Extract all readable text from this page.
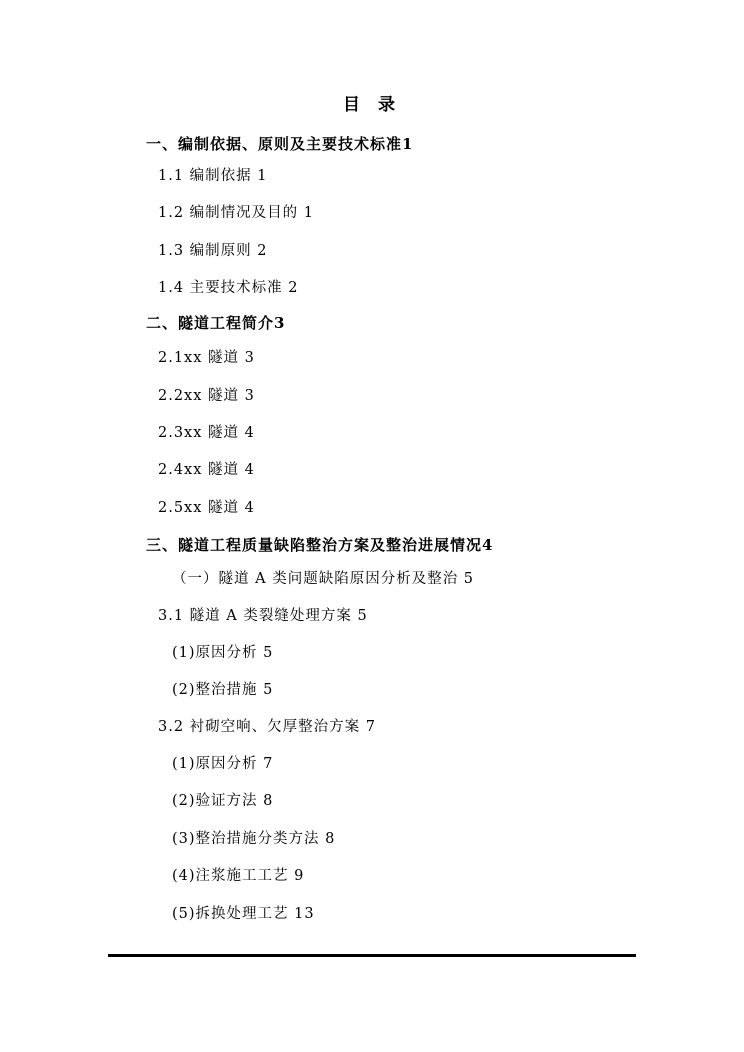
目 录
一、编制依据、原则及主要技术标准1
1.1 编制依据 1
1.2 编制情况及目的 1
1.3 编制原则 2
1.4 主要技术标准 2
二、隧道工程简介3
2.1xx 隧道 3
2.2xx 隧道 3
2.3xx 隧道 4
2.4xx 隧道 4
2.5xx 隧道 4
三、隧道工程质量缺陷整治方案及整治进展情况4
（一）隧道 A 类问题缺陷原因分析及整治 5
3.1 隧道 A 类裂缝处理方案 5
(1)原因分析 5
(2)整治措施 5
3.2 衬砌空响、欠厚整治方案 7
(1)原因分析 7
(2)验证方法 8
(3)整治措施分类方法 8
(4)注浆施工工艺 9
(5)拆换处理工艺 13
